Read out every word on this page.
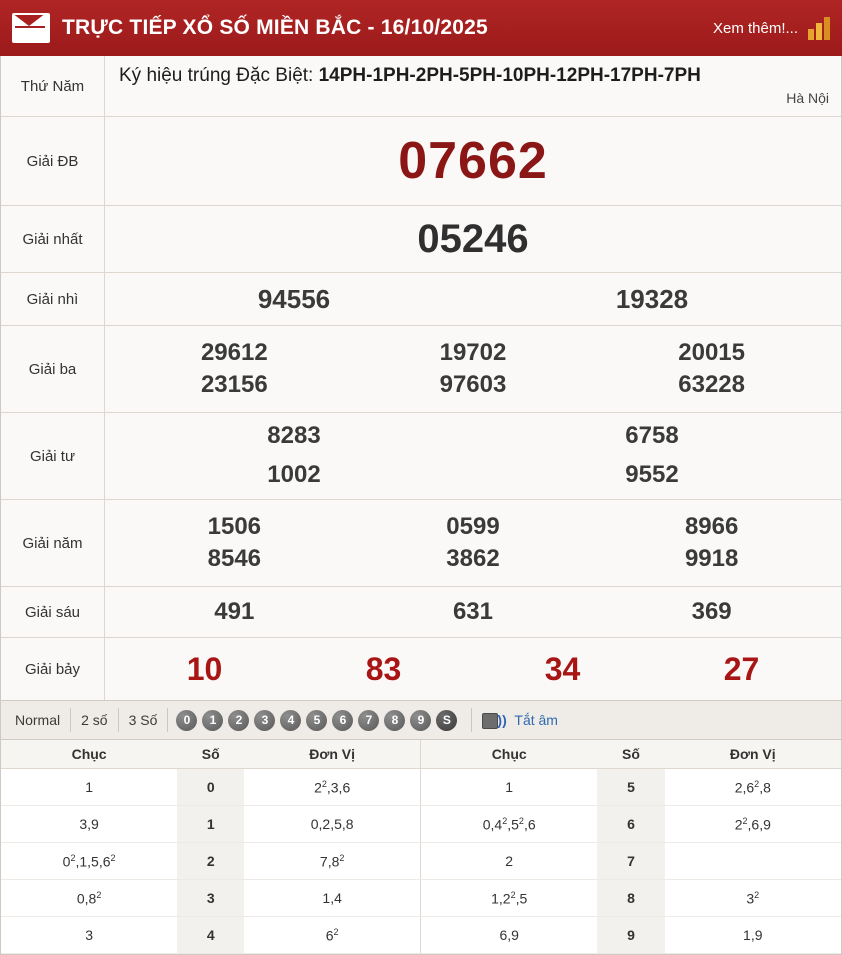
TRỰC TIẾP XỔ SỐ MIỀN BẮC - 16/10/2025	Xem thêm!...
Thứ Năm	Ký hiệu trúng Đặc Biệt: 14PH-1PH-2PH-5PH-10PH-12PH-17PH-7PH
Hà Nội
Giải ĐB	07662
Giải nhất	05246
Giải nhì	94556	19328
Giải ba
29612	19702	20015
23156	97603	63228
Giải tư
8283	6758
1002	9552
Giải năm
1506	0599	8966
8546	3862	9918
Giải sáu	491	631	369
Giải bảy	10	83	34	27
Normal	2 số	3 Số	0	1	2	3	4	5	6	7	8	9	S	)) Tắt âm
Chục	Số	Đơn Vị
1	0	$2^2,3,6$
3,9	1	0,2,5,8
$0^2,1,5,6^2$	2	$7,8^2$
$0,8^2$	3	1,4
3	4	$6^2$
Chục	Số	Đơn Vị
1	5	$2,6^2,8$
$0,4^2,5^2,6$	6	$2^2,6,9$
2	7	
$1,2^2,5$	8	$3^2$
6,9	9	1,9
